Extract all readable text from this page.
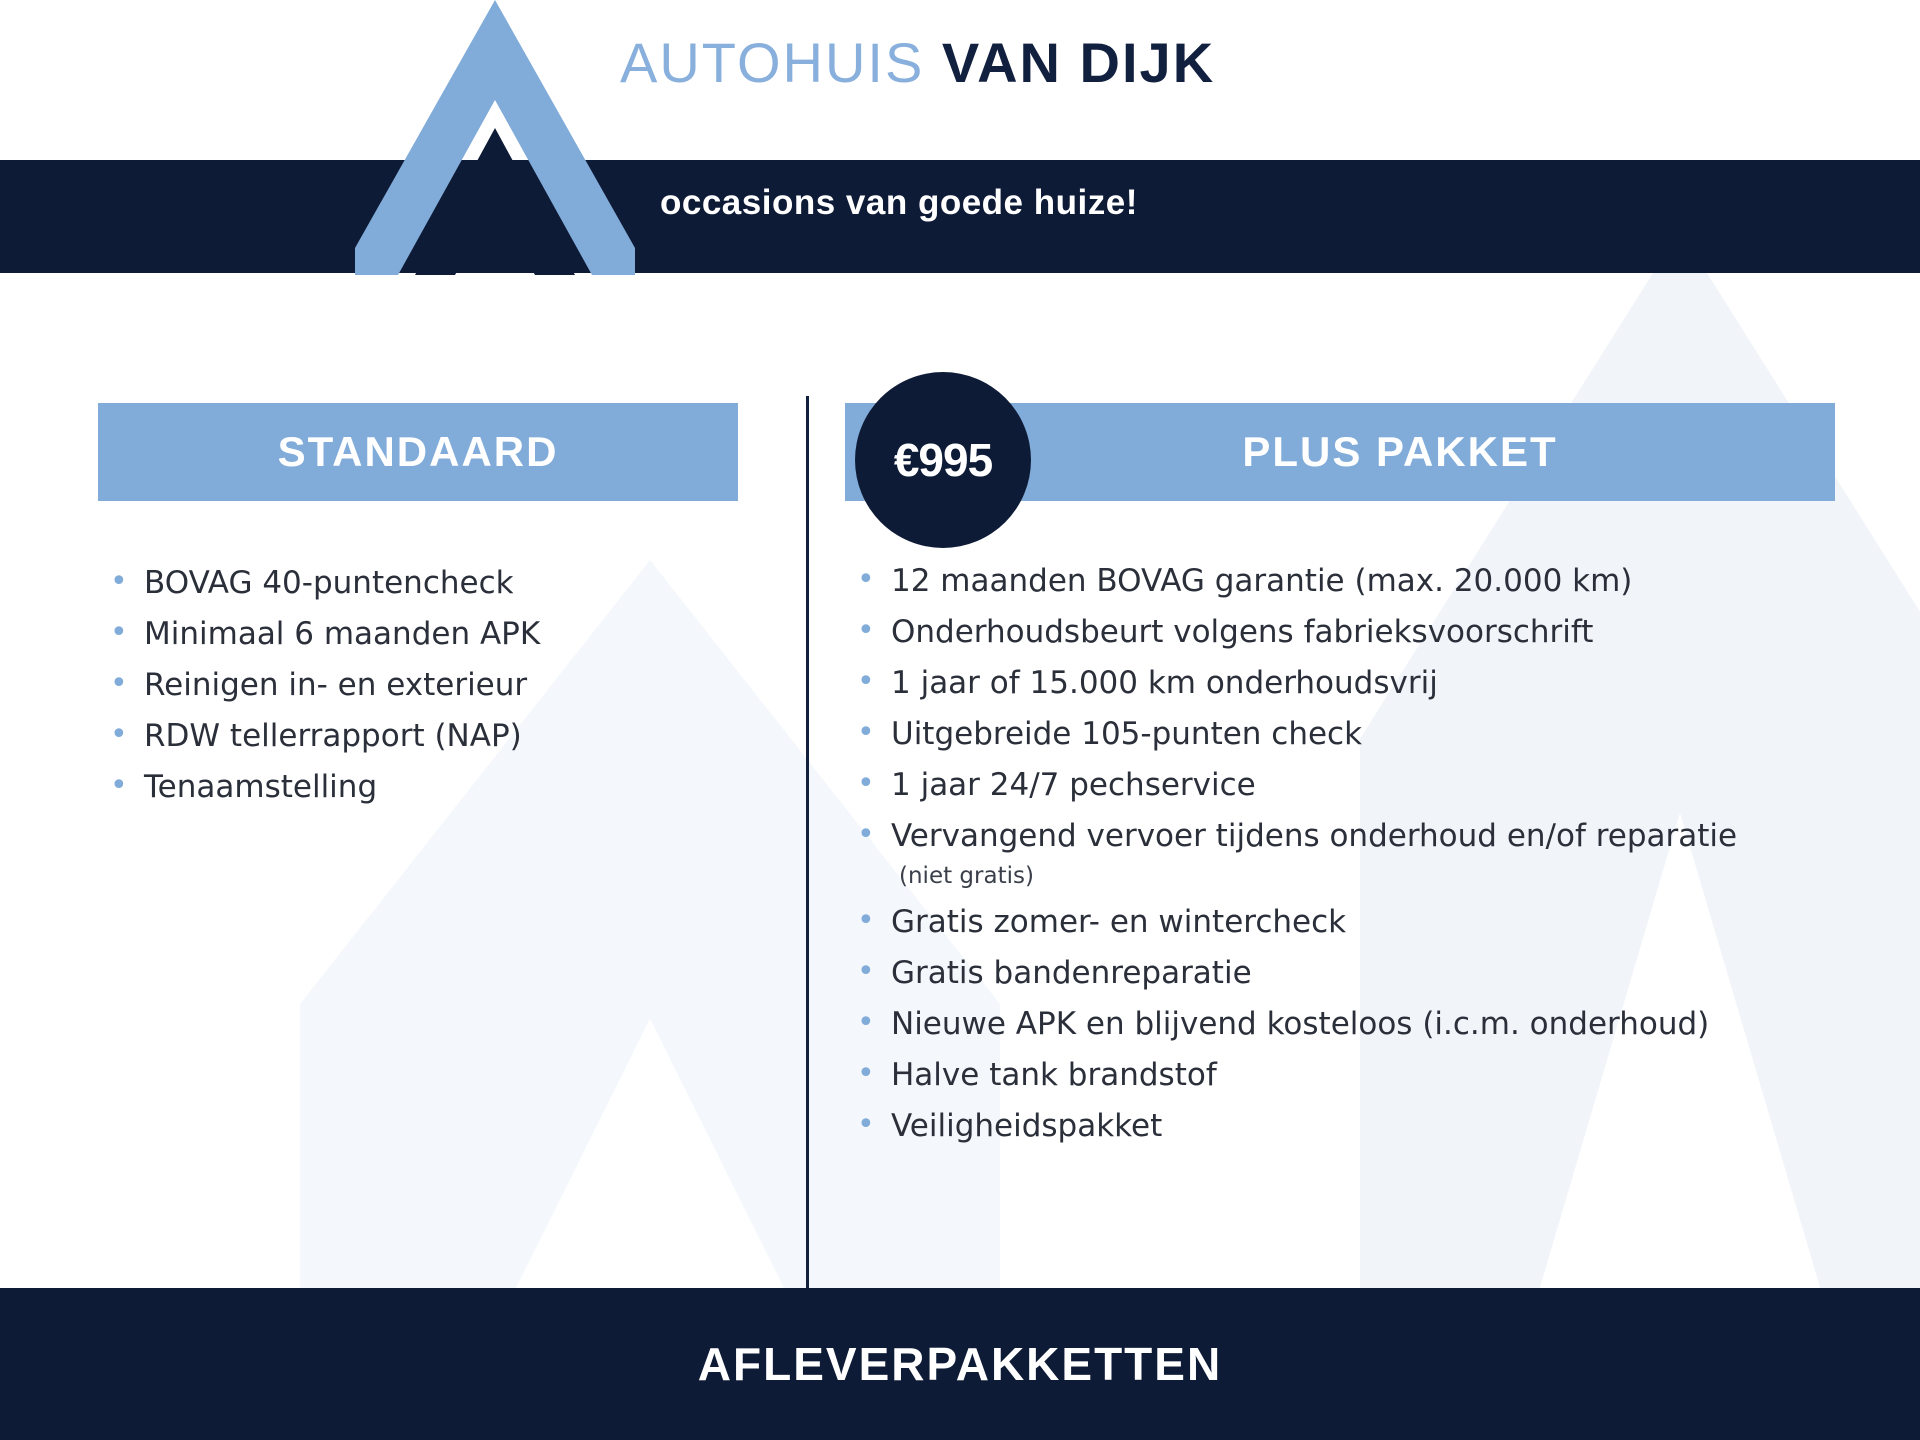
AUTOHUIS VAN DIJK
occasions van goede huize!
STANDAARD
• BOVAG 40-puntencheck
• Minimaal 6 maanden APK
• Reinigen in- en exterieur
• RDW tellerrapport (NAP)
• Tenaamstelling
PLUS PAKKET
• 12 maanden BOVAG garantie (max. 20.000 km)
• Onderhoudsbeurt volgens fabrieksvoorschrift
• 1 jaar of 15.000 km onderhoudsvrij
• Uitgebreide 105-punten check
• 1 jaar 24/7 pechservice
• Vervangend vervoer tijdens onderhoud en/of reparatie
(niet gratis)
• Gratis zomer- en wintercheck
• Gratis bandenreparatie
• Nieuwe APK en blijvend kosteloos (i.c.m. onderhoud)
• Halve tank brandstof
• Veiligheidspakket
€995
AFLEVERPAKKETTEN
